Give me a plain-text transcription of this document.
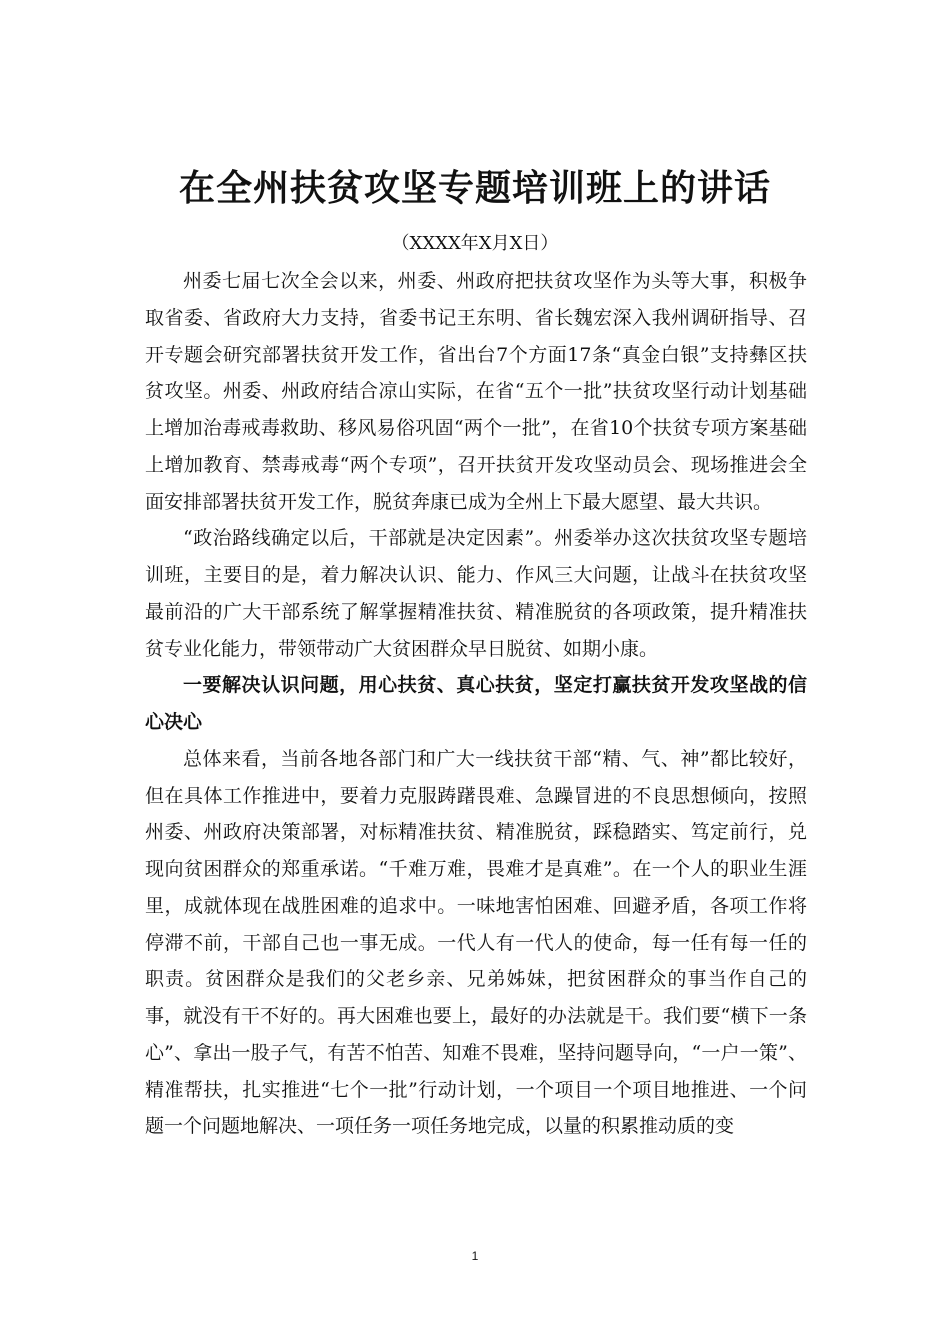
在全州扶贫攻坚专题培训班上的讲话
（XXXX年X月X日）

州委七届七次全会以来，州委、州政府把扶贫攻坚作为头等大事，积极争取省委、省政府大力支持，省委书记王东明、省长魏宏深入我州调研指导、召开专题会研究部署扶贫开发工作，省出台7个方面17条“真金白银”支持彝区扶贫攻坚。州委、州政府结合凉山实际，在省“五个一批”扶贫攻坚行动计划基础上增加治毒戒毒救助、移风易俗巩固“两个一批”，在省10个扶贫专项方案基础上增加教育、禁毒戒毒“两个专项”，召开扶贫开发攻坚动员会、现场推进会全面安排部署扶贫开发工作，脱贫奔康已成为全州上下最大愿望、最大共识。

“政治路线确定以后，干部就是决定因素”。州委举办这次扶贫攻坚专题培训班，主要目的是，着力解决认识、能力、作风三大问题，让战斗在扶贫攻坚最前沿的广大干部系统了解掌握精准扶贫、精准脱贫的各项政策，提升精准扶贫专业化能力，带领带动广大贫困群众早日脱贫、如期小康。

一要解决认识问题，用心扶贫、真心扶贫，坚定打赢扶贫开发攻坚战的信心决心

总体来看，当前各地各部门和广大一线扶贫干部“精、气、神”都比较好，但在具体工作推进中，要着力克服踌躇畏难、急躁冒进的不良思想倾向，按照州委、州政府决策部署，对标精准扶贫、精准脱贫，踩稳踏实、笃定前行，兑现向贫困群众的郑重承诺。“千难万难，畏难才是真难”。在一个人的职业生涯里，成就体现在战胜困难的追求中。一味地害怕困难、回避矛盾，各项工作将停滞不前，干部自己也一事无成。一代人有一代人的使命，每一任有每一任的职责。贫困群众是我们的父老乡亲、兄弟姊妹，把贫困群众的事当作自己的事，就没有干不好的。再大困难也要上，最好的办法就是干。我们要“横下一条心”、拿出一股子气，有苦不怕苦、知难不畏难，坚持问题导向，“一户一策”、精准帮扶，扎实推进“七个一批”行动计划，一个项目一个项目地推进、一个问题一个问题地解决、一项任务一项任务地完成，以量的积累推动质的变

1
